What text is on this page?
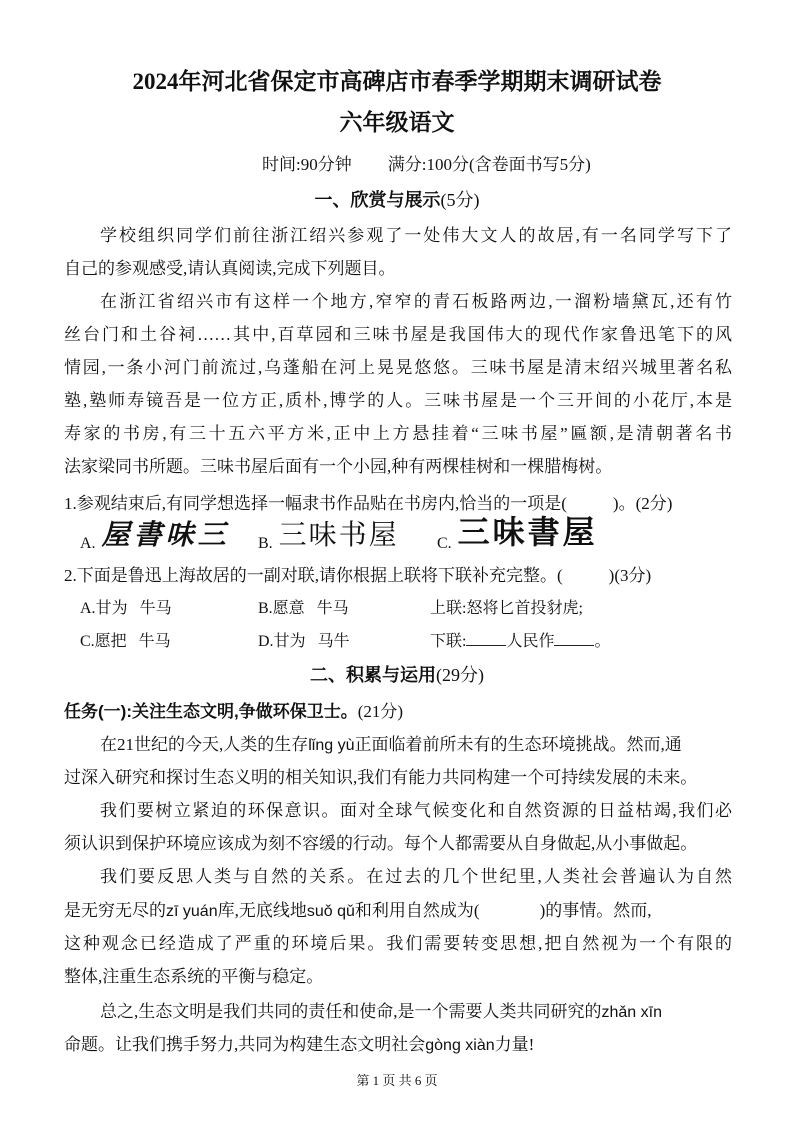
2024年河北省保定市高碑店市春季学期期末调研试卷
六年级语文
时间:90分钟 满分:100分(含卷面书写5分)
一、欣赏与展示(5分)
学校组织同学们前往浙江绍兴参观了一处伟大文人的故居,有一名同学写下了
自己的参观感受,请认真阅读,完成下列题目。
在浙江省绍兴市有这样一个地方,窄窄的青石板路两边,一溜粉墙黛瓦,还有竹
丝台门和土谷祠……其中,百草园和三味书屋是我国伟大的现代作家鲁迅笔下的风
情园,一条小河门前流过,乌蓬船在河上晃晃悠悠。三味书屋是清末绍兴城里著名私
塾,塾师寿镜吾是一位方正,质朴,博学的人。三味书屋是一个三开间的小花厅,本是
寿家的书房,有三十五六平方米,正中上方悬挂着“三味书屋”匾额,是清朝著名书
法家梁同书所题。三味书屋后面有一个小园,种有两棵桂树和一棵腊梅树。
1.参观结束后,有同学想选择一幅隶书作品贴在书房内,恰当的一项是(	)。(2分)
A. 屋書味三 B. 三味书屋 C. 三味書屋
2.下面是鲁迅上海故居的一副对联,请你根据上联将下联补充完整。(	)(3分)
A.甘为   牛马	B.愿意   牛马	上联:怒将匕首投豺虎;
C.愿把   牛马	D.甘为   马牛	下联:	人民作	。
二、积累与运用(29分)
任务(一):关注生态文明,争做环保卫士。(21分)
在21世纪的今天,人类的生存lǐng yù正面临着前所未有的生态环境挑战。然而,通
过深入研究和探讨生态义明的相关知识,我们有能力共同构建一个可持续发展的未来。
我们要树立紧迫的环保意识。面对全球气候变化和自然资源的日益枯竭,我们必
须认识到保护环境应该成为刻不容缓的行动。每个人都需要从自身做起,从小事做起。
我们要反思人类与自然的关系。在过去的几个世纪里,人类社会普遍认为自然
是无穷无尽的zī yuán库,无底线地suǒ qǔ和利用自然成为(	)的事情。然而,
这种观念已经造成了严重的环境后果。我们需要转变思想,把自然视为一个有限的
整体,注重生态系统的平衡与稳定。
总之,生态文明是我们共同的责任和使命,是一个需要人类共同研究的zhǎn xīn
命题。让我们携手努力,共同为构建生态文明社会gòng xiàn力量!
第 1 页 共 6 页
